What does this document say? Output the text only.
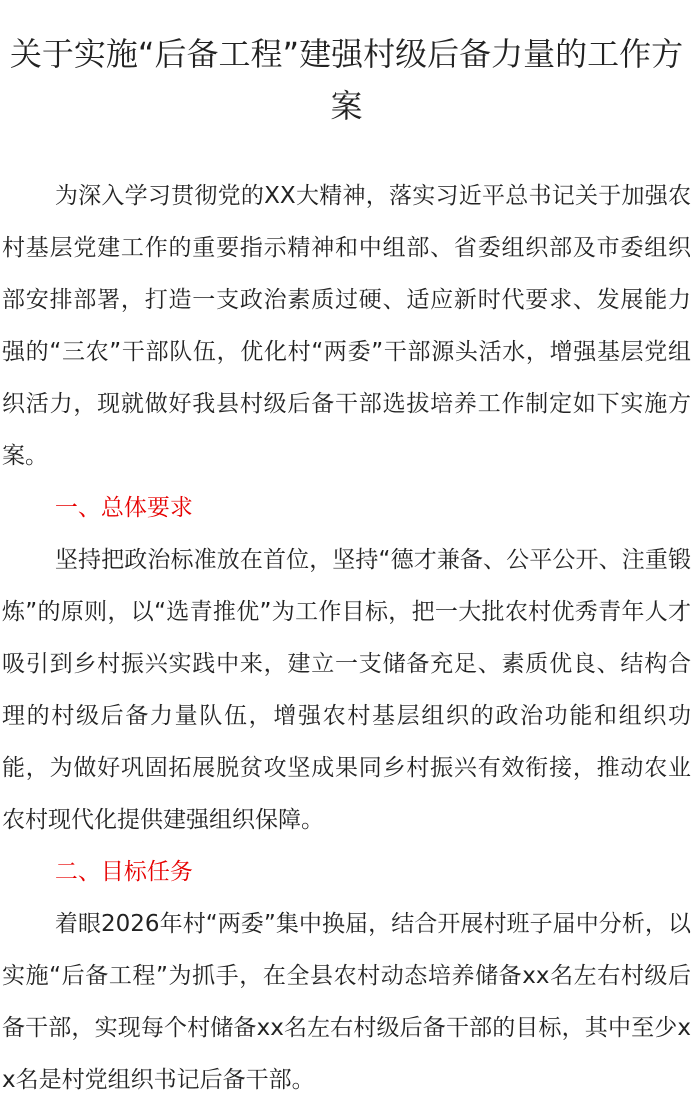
关于实施“后备工程”建强村级后备力量的工作方案

为深入学习贯彻党的XX大精神，落实习近平总书记关于加强农村基层党建工作的重要指示精神和中组部、省委组织部及市委组织部安排部署，打造一支政治素质过硬、适应新时代要求、发展能力强的“三农”干部队伍，优化村“两委”干部源头活水，增强基层党组织活力，现就做好我县村级后备干部选拔培养工作制定如下实施方案。

一、总体要求

坚持把政治标准放在首位，坚持“德才兼备、公平公开、注重锻炼”的原则，以“选青推优”为工作目标，把一大批农村优秀青年人才吸引到乡村振兴实践中来，建立一支储备充足、素质优良、结构合理的村级后备力量队伍，增强农村基层组织的政治功能和组织功能，为做好巩固拓展脱贫攻坚成果同乡村振兴有效衔接，推动农业农村现代化提供建强组织保障。

二、目标任务

着眼2026年村“两委”集中换届，结合开展村班子届中分析，以实施“后备工程”为抓手，在全县农村动态培养储备xx名左右村级后备干部，实现每个村储备xx名左右村级后备干部的目标，其中至少xx名是村党组织书记后备干部。
